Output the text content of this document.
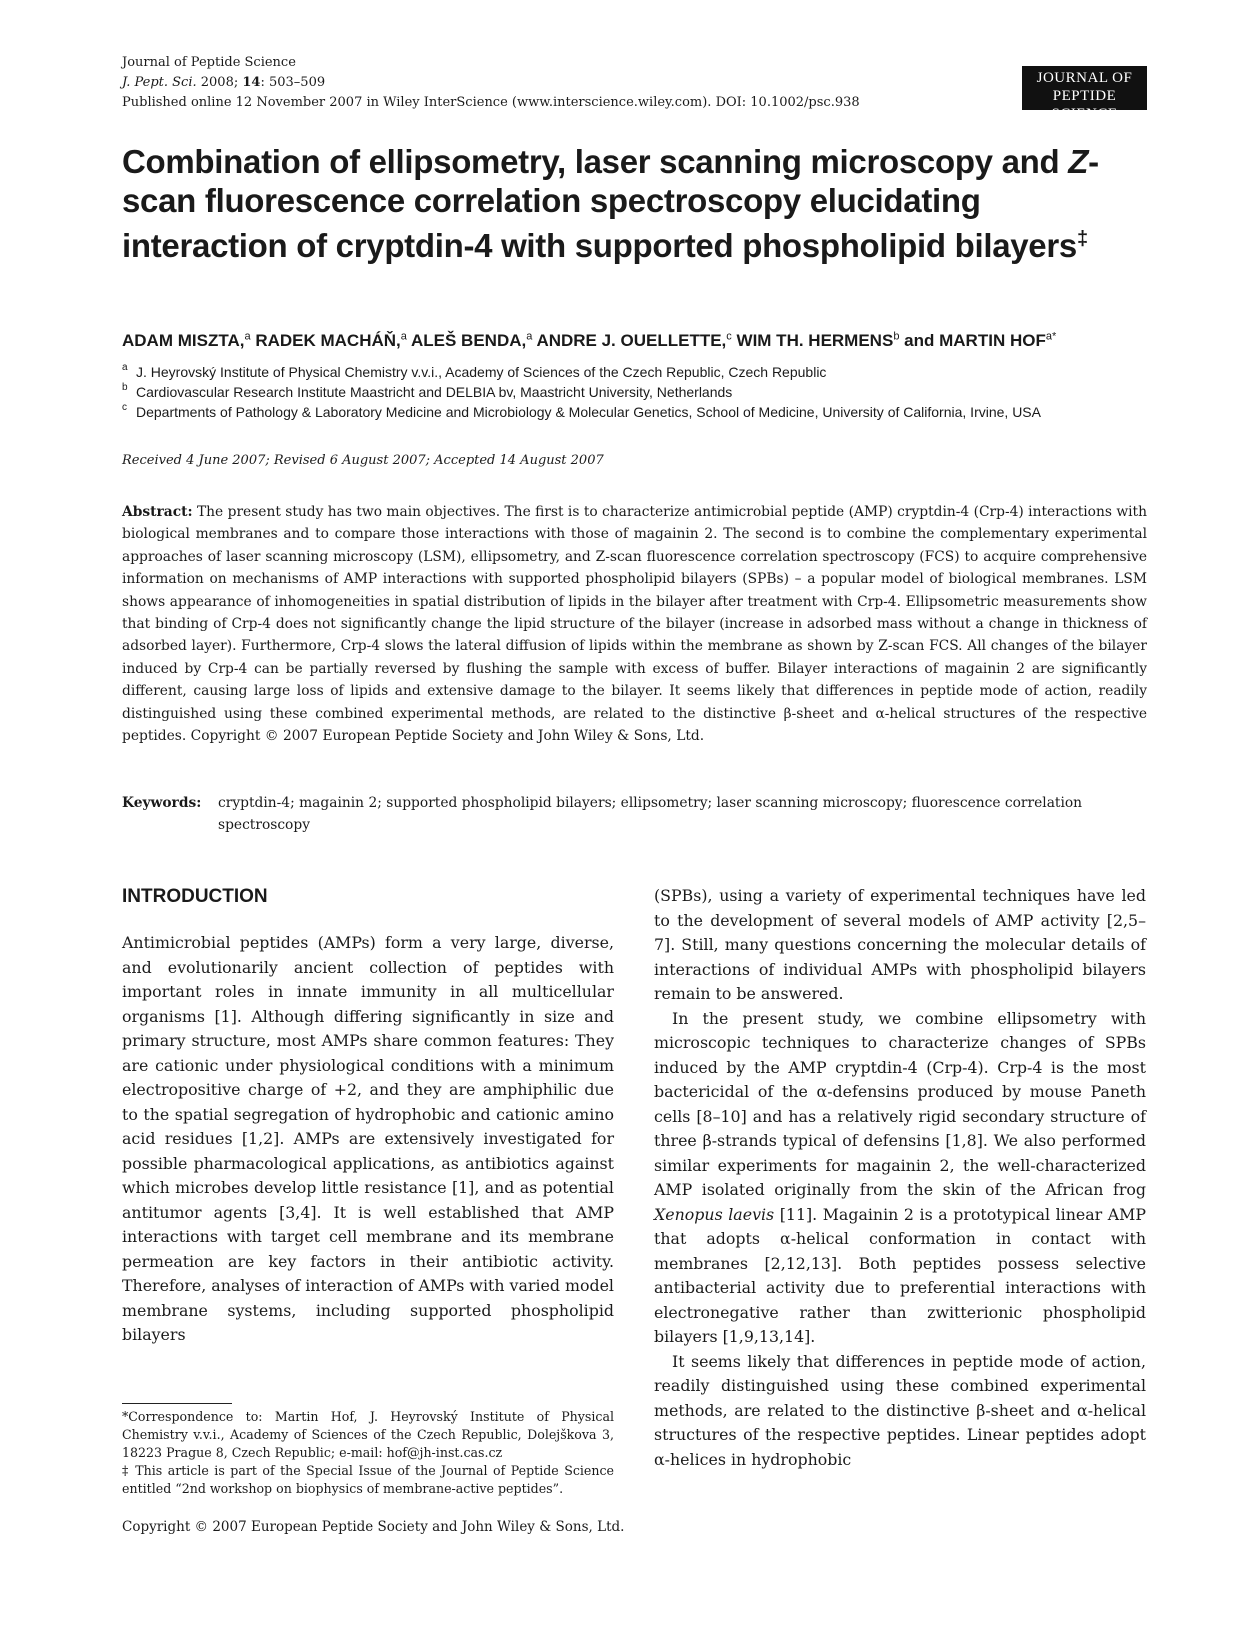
Journal of Peptide Science
J. Pept. Sci. 2008; 14: 503–509
Published online 12 November 2007 in Wiley InterScience (www.interscience.wiley.com). DOI: 10.1002/psc.938
JOURNAL OF
PEPTIDE SCIENCE
Combination of ellipsometry, laser scanning microscopy and Z-scan fluorescence correlation spectroscopy elucidating interaction of cryptdin-4 with supported phospholipid bilayers‡
ADAM MISZTA,$^a$ RADEK MACHÁŇ,$^a$ ALEŠ BENDA,$^a$ ANDRE J. OUELLETTE,$^c$ WIM TH. HERMENS$^b$ and MARTIN $HOF^{a*}$
a J. Heyrovský Institute of Physical Chemistry v.v.i., Academy of Sciences of the Czech Republic, Czech Republic
b Cardiovascular Research Institute Maastricht and DELBIA bv, Maastricht University, Netherlands
c Departments of Pathology & Laboratory Medicine and Microbiology & Molecular Genetics, School of Medicine, University of California, Irvine, USA
Received 4 June 2007; Revised 6 August 2007; Accepted 14 August 2007

Abstract: The present study has two main objectives. The first is to characterize antimicrobial peptide (AMP) cryptdin-4 (Crp-4) interactions with biological membranes and to compare those interactions with those of magainin 2. The second is to combine the complementary experimental approaches of laser scanning microscopy (LSM), ellipsometry, and Z-scan fluorescence correlation spectroscopy (FCS) to acquire comprehensive information on mechanisms of AMP interactions with supported phospholipid bilayers (SPBs) – a popular model of biological membranes. LSM shows appearance of inhomogeneities in spatial distribution of lipids in the bilayer after treatment with Crp-4. Ellipsometric measurements show that binding of Crp-4 does not significantly change the lipid structure of the bilayer (increase in adsorbed mass without a change in thickness of adsorbed layer). Furthermore, Crp-4 slows the lateral diffusion of lipids within the membrane as shown by Z-scan FCS. All changes of the bilayer induced by Crp-4 can be partially reversed by flushing the sample with excess of buffer. Bilayer interactions of magainin 2 are significantly different, causing large loss of lipids and extensive damage to the bilayer. It seems likely that differences in peptide mode of action, readily distinguished using these combined experimental methods, are related to the distinctive β-sheet and α-helical structures of the respective peptides. Copyright © 2007 European Peptide Society and John Wiley & Sons, Ltd.

Keywords: cryptdin-4; magainin 2; supported phospholipid bilayers; ellipsometry; laser scanning microscopy; fluorescence correlation spectroscopy
INTRODUCTION

Antimicrobial peptides (AMPs) form a very large, diverse, and evolutionarily ancient collection of peptides with important roles in innate immunity in all multicellular organisms [1]. Although differing significantly in size and primary structure, most AMPs share common features: They are cationic under physiological conditions with a minimum electropositive charge of +2, and they are amphiphilic due to the spatial segregation of hydrophobic and cationic amino acid residues [1,2]. AMPs are extensively investigated for possible pharmacological applications, as antibiotics against which microbes develop little resistance [1], and as potential antitumor agents [3,4]. It is well established that AMP interactions with target cell membrane and its membrane permeation are key factors in their antibiotic activity. Therefore, analyses of interaction of AMPs with varied model membrane systems, including supported phospholipid bilayers

(SPBs), using a variety of experimental techniques have led to the development of several models of AMP activity [2,5–7]. Still, many questions concerning the molecular details of interactions of individual AMPs with phospholipid bilayers remain to be answered.

In the present study, we combine ellipsometry with microscopic techniques to characterize changes of SPBs induced by the AMP cryptdin-4 (Crp-4). Crp-4 is the most bactericidal of the α-defensins produced by mouse Paneth cells [8–10] and has a relatively rigid secondary structure of three β-strands typical of defensins [1,8]. We also performed similar experiments for magainin 2, the well-characterized AMP isolated originally from the skin of the African frog Xenopus laevis [11]. Magainin 2 is a prototypical linear AMP that adopts α-helical conformation in contact with membranes [2,12,13]. Both peptides possess selective antibacterial activity due to preferential interactions with electronegative rather than zwitterionic phospholipid bilayers [1,9,13,14].

It seems likely that differences in peptide mode of action, readily distinguished using these combined experimental methods, are related to the distinctive β-sheet and α-helical structures of the respective peptides. Linear peptides adopt α-helices in hydrophobic

*Correspondence to: Martin Hof, J. Heyrovský Institute of Physical Chemistry v.v.i., Academy of Sciences of the Czech Republic, Dolejškova 3, 18223 Prague 8, Czech Republic; e-mail: hof@jh-inst.cas.cz

‡ This article is part of the Special Issue of the Journal of Peptide Science entitled “2nd workshop on biophysics of membrane-active peptides”.

Copyright © 2007 European Peptide Society and John Wiley & Sons, Ltd.
